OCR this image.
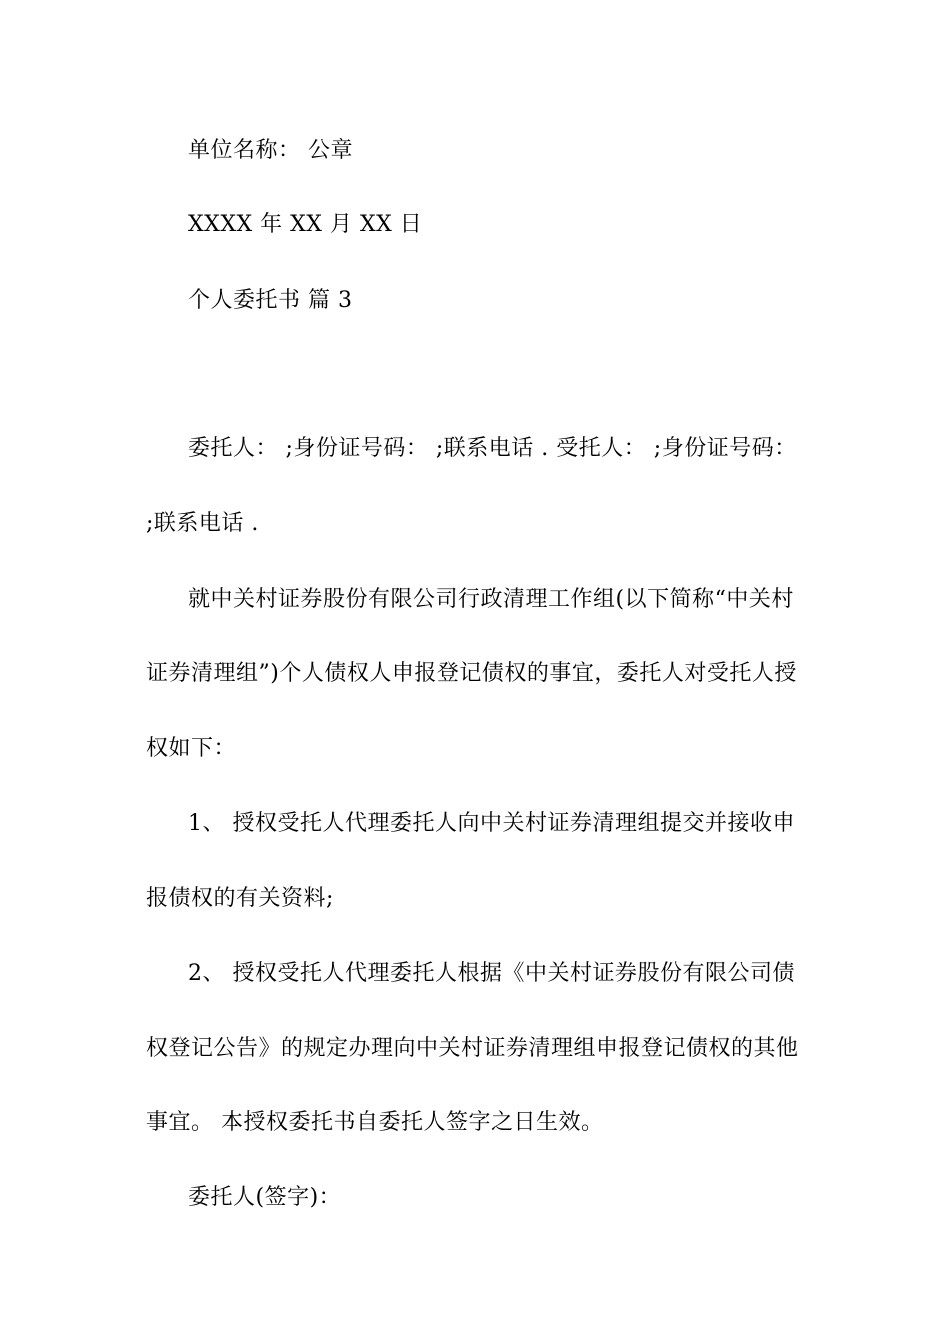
单位名称： 公章
XXXX 年 XX 月 XX 日
个人委托书 篇 3
委托人： ;身份证号码： ;联系电话 . 受托人： ;身份证号码：
;联系电话 .
就中关村证券股份有限公司行政清理工作组(以下简称“中关村
证券清理组”)个人债权人申报登记债权的事宜，委托人对受托人授
权如下：
1、 授权受托人代理委托人向中关村证券清理组提交并接收申
报债权的有关资料;
2、 授权受托人代理委托人根据《中关村证券股份有限公司债
权登记公告》的规定办理向中关村证券清理组申报登记债权的其他
事宜。 本授权委托书自委托人签字之日生效。
委托人(签字)：
